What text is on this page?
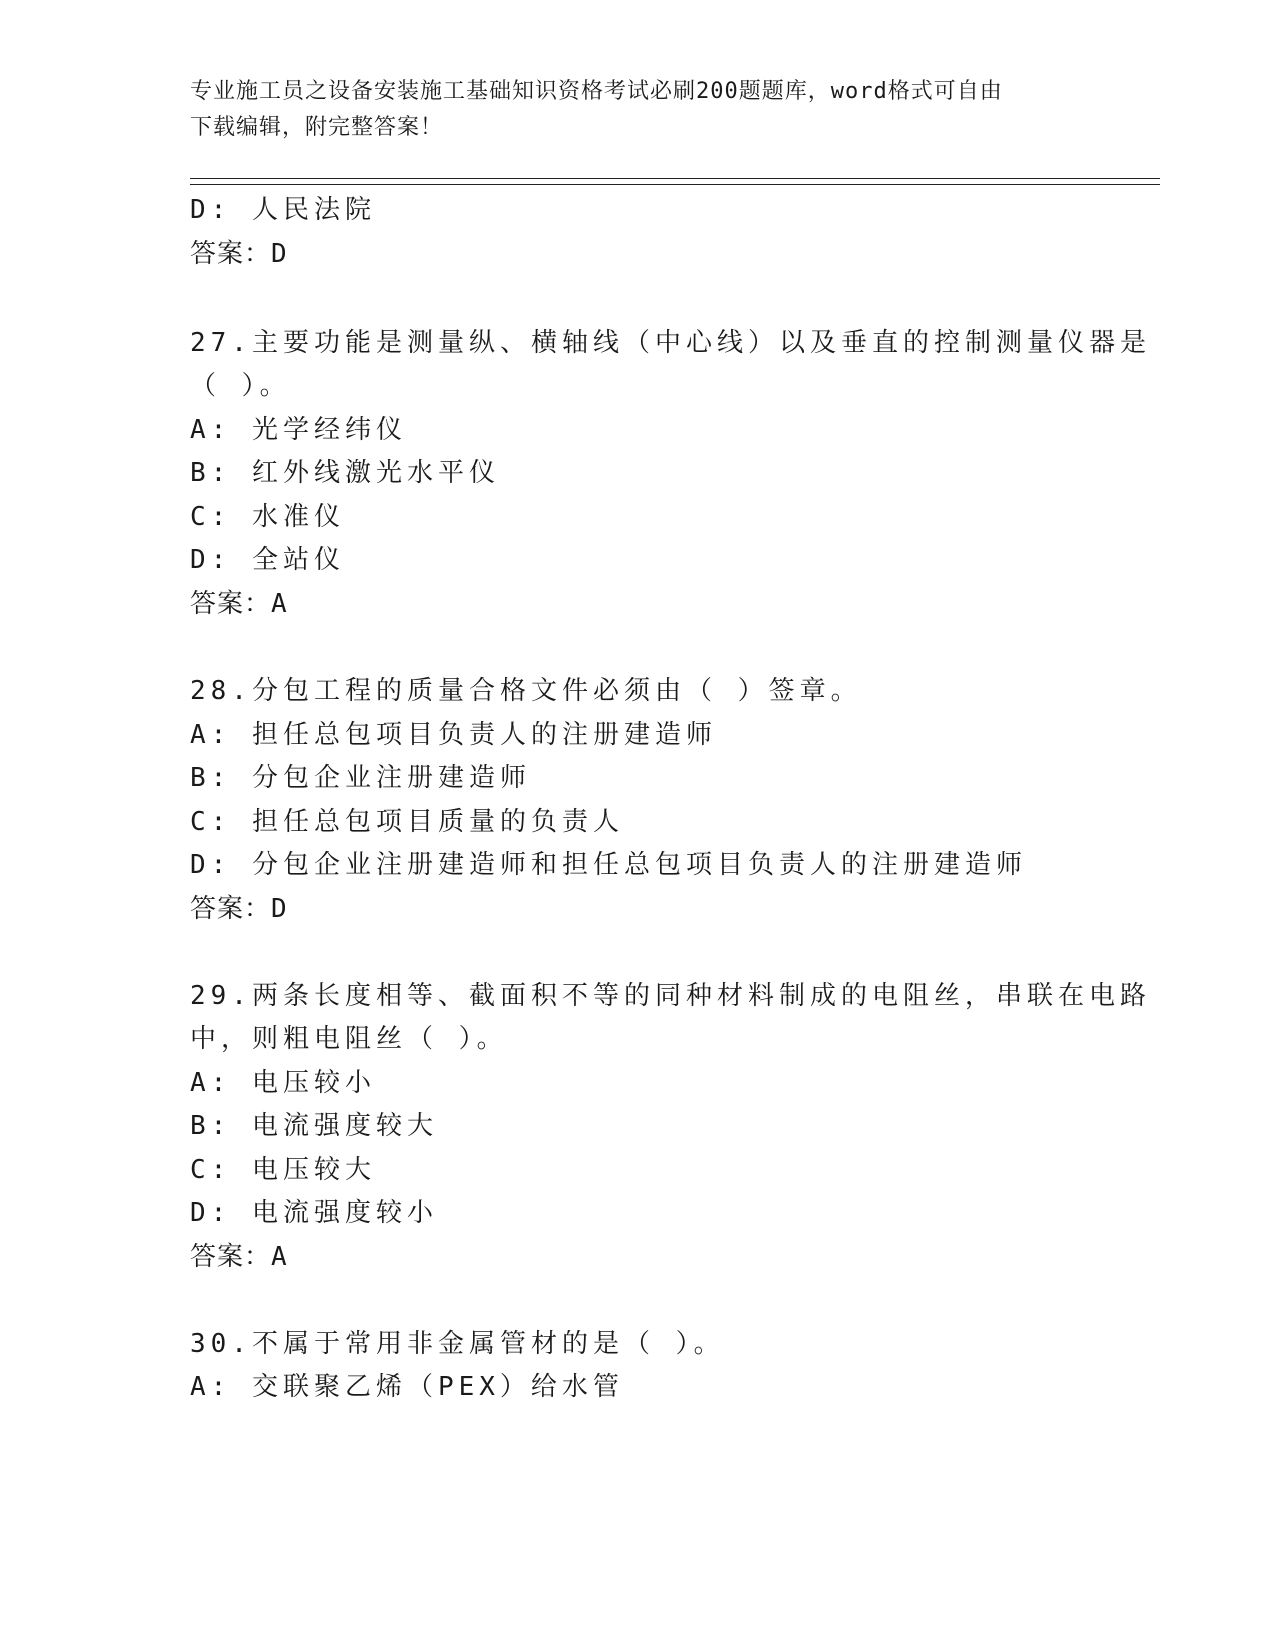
专业施工员之设备安装施工基础知识资格考试必刷200题题库，word格式可自由
下载编辑，附完整答案！
D: 人民法院
答案：D
27.主要功能是测量纵、横轴线（中心线）以及垂直的控制测量仪器是
（ ）。
A: 光学经纬仪
B: 红外线激光水平仪
C: 水准仪
D: 全站仪
答案：A
28.分包工程的质量合格文件必须由（ ）签章。
A: 担任总包项目负责人的注册建造师
B: 分包企业注册建造师
C: 担任总包项目质量的负责人
D: 分包企业注册建造师和担任总包项目负责人的注册建造师
答案：D
29.两条长度相等、截面积不等的同种材料制成的电阻丝，串联在电路
中，则粗电阻丝（ ）。
A: 电压较小
B: 电流强度较大
C: 电压较大
D: 电流强度较小
答案：A
30.不属于常用非金属管材的是（ ）。
A: 交联聚乙烯（PEX）给水管
